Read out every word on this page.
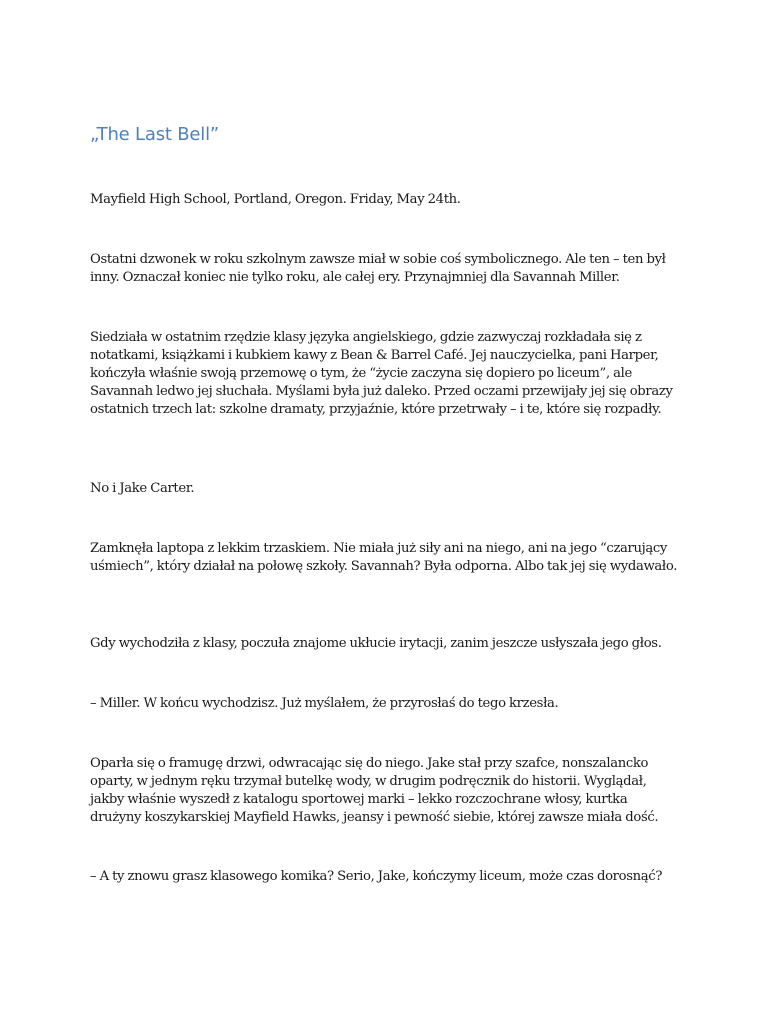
„The Last Bell”

Mayfield High School, Portland, Oregon. Friday, May 24th.

Ostatni dzwonek w roku szkolnym zawsze miał w sobie coś symbolicznego. Ale ten – ten był inny. Oznaczał koniec nie tylko roku, ale całej ery. Przynajmniej dla Savannah Miller.

Siedziała w ostatnim rzędzie klasy języka angielskiego, gdzie zazwyczaj rozkładała się z notatkami, książkami i kubkiem kawy z Bean & Barrel Café. Jej nauczycielka, pani Harper, kończyła właśnie swoją przemowę o tym, że “życie zaczyna się dopiero po liceum”, ale Savannah ledwo jej słuchała. Myślami była już daleko. Przed oczami przewijały jej się obrazy ostatnich trzech lat: szkolne dramaty, przyjaźnie, które przetrwały – i te, które się rozpadły.

No i Jake Carter.

Zamknęła laptopa z lekkim trzaskiem. Nie miała już siły ani na niego, ani na jego “czarujący uśmiech”, który działał na połowę szkoły. Savannah? Była odporna. Albo tak jej się wydawało.

Gdy wychodziła z klasy, poczuła znajome ukłucie irytacji, zanim jeszcze usłyszała jego głos.

– Miller. W końcu wychodzisz. Już myślałem, że przyrosłaś do tego krzesła.

Oparła się o framugę drzwi, odwracając się do niego. Jake stał przy szafce, nonszalancko oparty, w jednym ręku trzymał butelkę wody, w drugim podręcznik do historii. Wyglądał, jakby właśnie wyszedł z katalogu sportowej marki – lekko rozczochrane włosy, kurtka drużyny koszykarskiej Mayfield Hawks, jeansy i pewność siebie, której zawsze miała dość.

– A ty znowu grasz klasowego komika? Serio, Jake, kończymy liceum, może czas dorosnąć?
